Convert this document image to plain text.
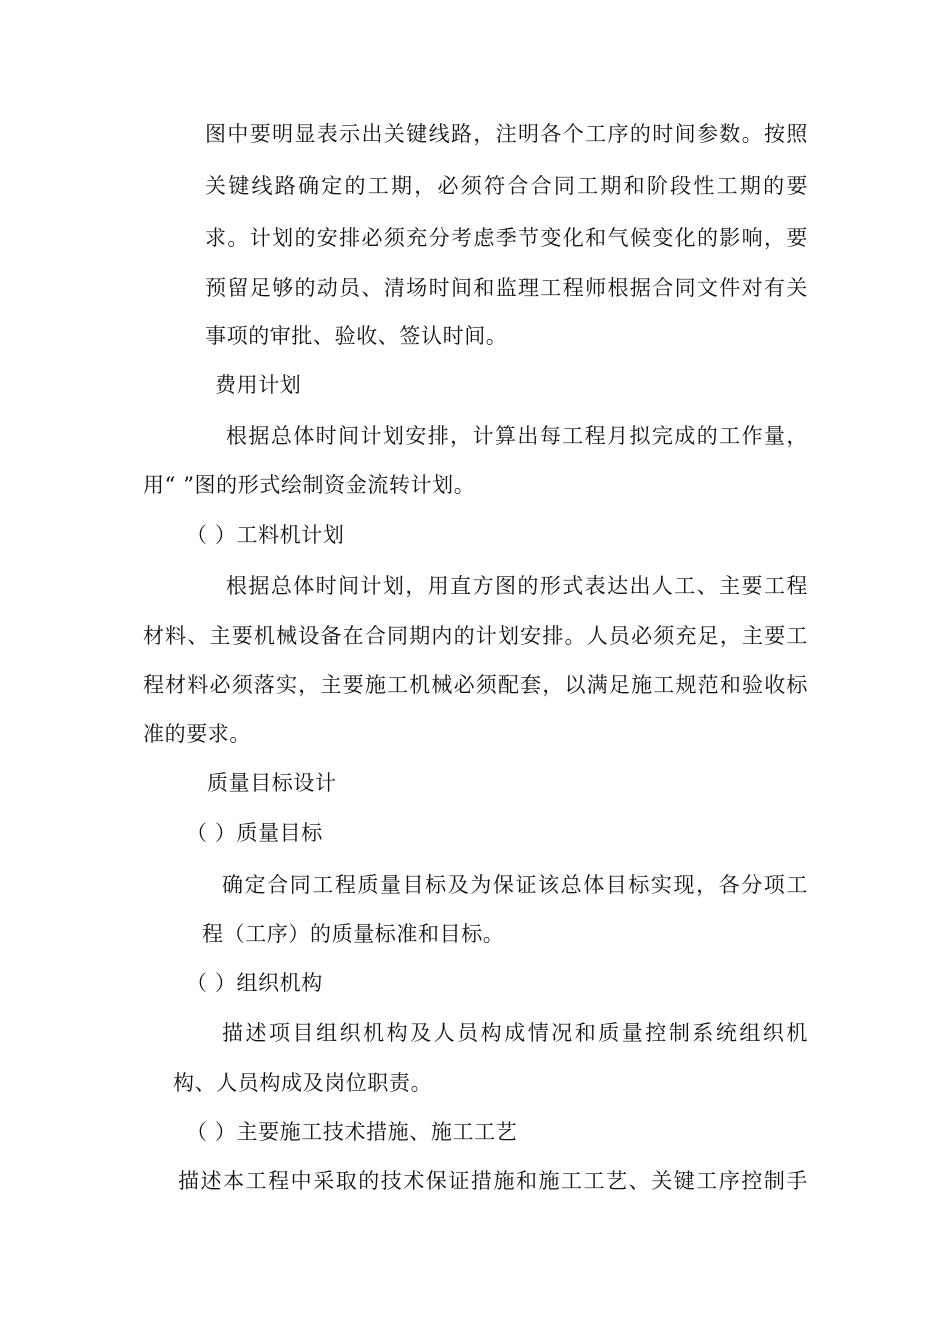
图中要明显表示出关键线路，注明各个工序的时间参数。按照
关键线路确定的工期，必须符合合同工期和阶段性工期的要
求。计划的安排必须充分考虑季节变化和气候变化的影响，要
预留足够的动员、清场时间和监理工程师根据合同文件对有关
事项的审批、验收、签认时间。
费用计划
根据总体时间计划安排，计算出每工程月拟完成的工作量，
用“ ”图的形式绘制资金流转计划。
（ ）工料机计划
根据总体时间计划，用直方图的形式表达出人工、主要工程
材料、主要机械设备在合同期内的计划安排。人员必须充足，主要工
程材料必须落实，主要施工机械必须配套，以满足施工规范和验收标
准的要求。
质量目标设计
（ ）质量目标
确定合同工程质量目标及为保证该总体目标实现，各分项工
程（工序）的质量标准和目标。
（ ）组织机构
描述项目组织机构及人员构成情况和质量控制系统组织机
构、人员构成及岗位职责。
（ ）主要施工技术措施、施工工艺
描述本工程中采取的技术保证措施和施工工艺、关键工序控制手
